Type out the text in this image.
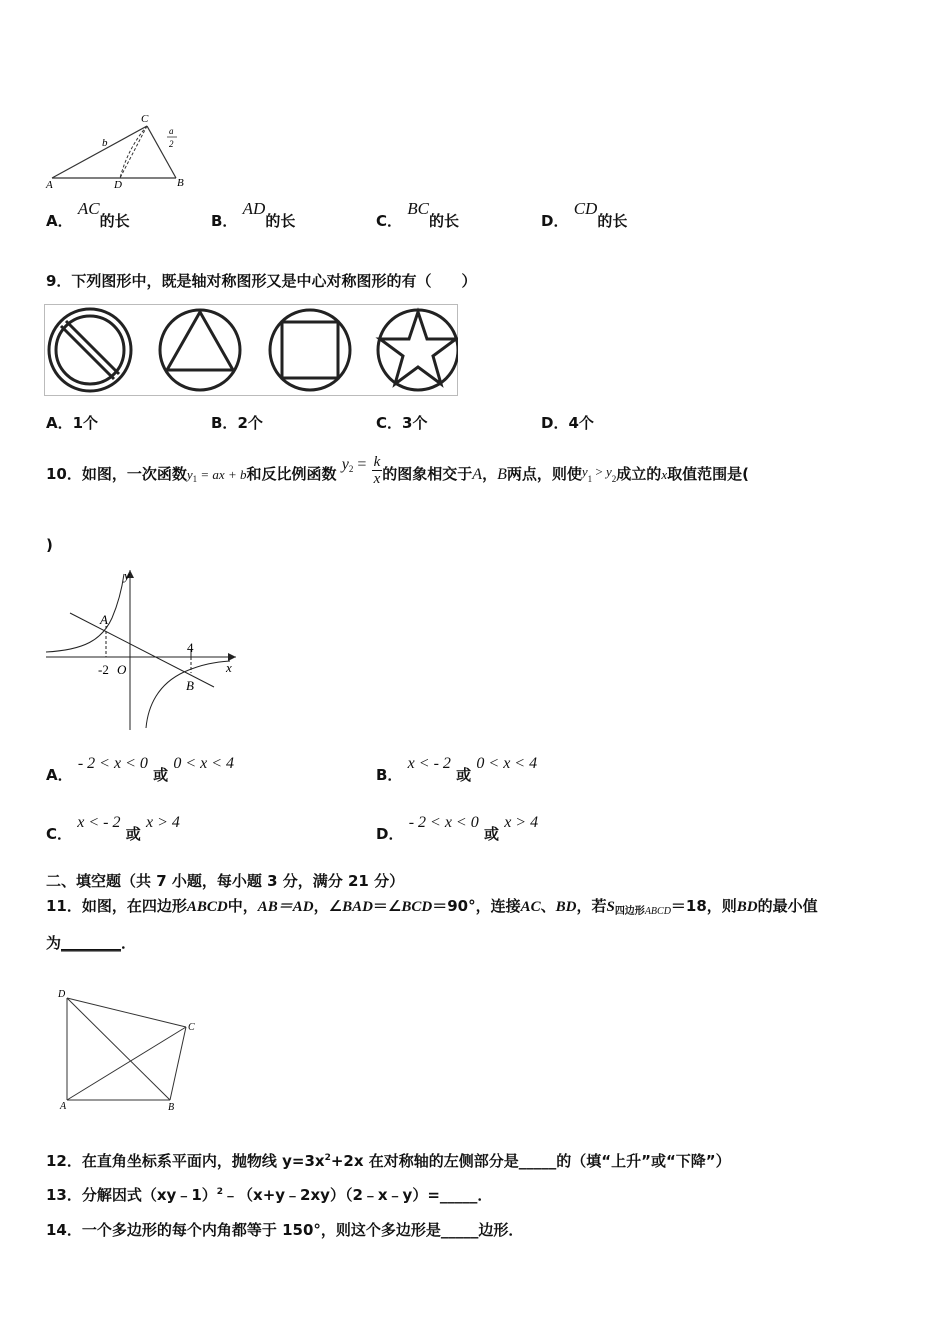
C
b
a
2
A	D	B
A． AC的长	B． AD的长	C． BC的长	D． CD的长
9．下列图形中，既是轴对称图形又是中心对称图形的有（　　）
A．1个	B．2个	C．3个	D．4个
10．如图，一次函数$y_1$ = ax + b和反比例函数 $y^2 = \frac{k}{x}$ 的图象相交于A，B两点，则使$y_1 > y_2$成立的x取值范围是(
)
y
A
x
-2 O
4
B
A． - 2 < x < 0 或 0 < x < 4
B． x < - 2 或 0 < x < 4
C． x < - 2 或 x > 4
D． - 2 < x < 0 或 x > 4
二、填空题（共 7 小题，每小题 3 分，满分 21 分）
11．如图，在四边形ABCD中，AB＝AD，∠BAD＝∠BCD＝90°，连接AC、BD，若$S_{四边形ABCD}=18$，则BD的最小值
为________．
D
C
A	B
12．在直角坐标系平面内，抛物线 $y=3x^2+2x$ 在对称轴的左侧部分是_____的（填“上升”或“下降”）
13．分解因式（xy﹣1）$^2$﹣（x+y﹣2xy）（2﹣x﹣y）=_____．
14．一个多边形的每个内角都等于 150°，则这个多边形是_____边形．
